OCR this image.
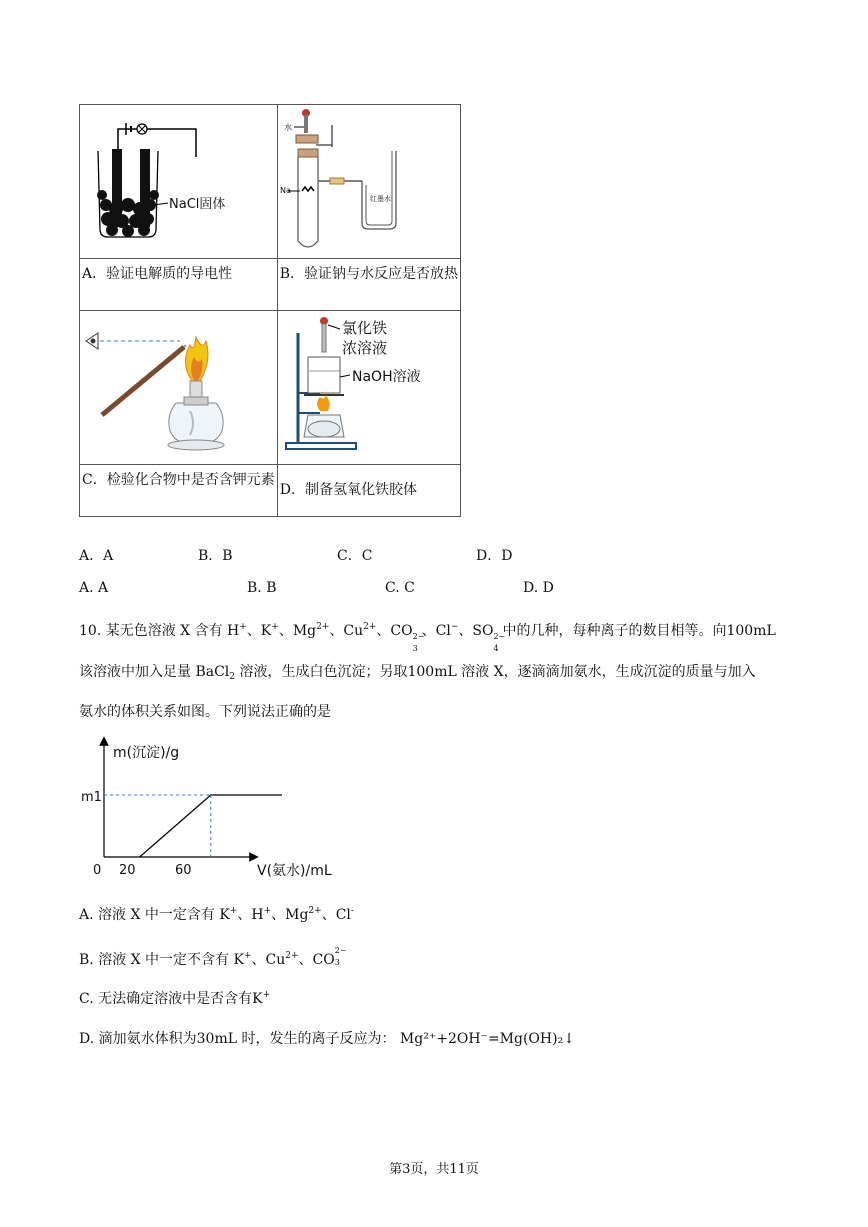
NaCl固体	水
Na
红墨水

A．验证电解质的导电性	B．验证钠与水反应是否放热

氯化铁
浓溶液
NaOH溶液

C．检验化合物中是否含钾元素	D．制备氢氧化铁胶体
A．A	B．B	C．C	D．D
A. A	B. B	C. C	D. D
10. 某无色溶液 X 含有 H+、K+、$Mg^{2+}$、$Cu^{2+}$、CO 2−
3
、Cl−、SO 2−
4
中的几种，每种离子的数目相等。向100mL
该溶液中加入足量 BaCl$_2$ 溶液，生成白色沉淀；另取100mL 溶液 X，逐滴滴加氨水，生成沉淀的质量与加入
氨水的体积关系如图。下列说法正确的是
m(沉淀)/g
m1
V(氨水)/mL
0 20	60
A. 溶液 X 中一定含有 K+、H+、$Mg^{2+}$、Cl-
B. 溶液 X 中一定不含有 K+、$Cu^{2+}$、CO
2−
3
C. 无法确定溶液中是否含有K+
D. 滴加氨水体积为30mL 时，发生的离子反应为： Mg²⁺+2OH⁻=Mg(OH)₂↓
第3页，共11页
